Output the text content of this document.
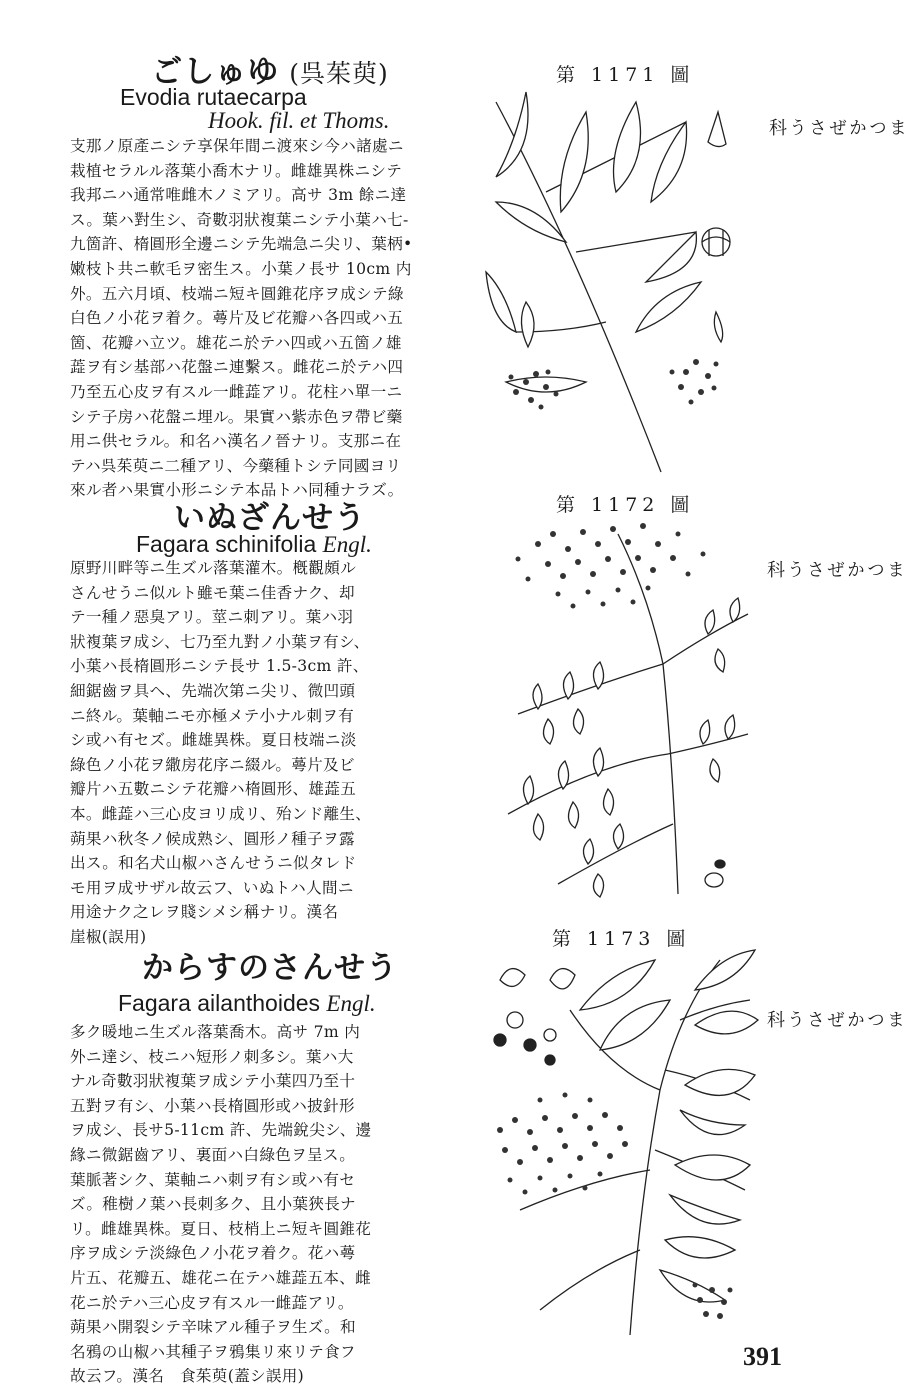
ごしゅゆ (呉茱萸)
Evodia rutaecarpa
Hook. fil. et Thoms.
支那ノ原產ニシテ享保年間ニ渡來シ今ハ諸處ニ
栽植セラルル落葉小喬木ナリ。雌雄異株ニシテ
我邦ニハ通常唯雌木ノミアリ。高サ 3m 餘ニ達
ス。葉ハ對生シ、奇數羽狀複葉ニシテ小葉ハ七-
九箇許、楕圓形全邊ニシテ先端急ニ尖リ、葉柄•
嫩枝ト共ニ軟毛ヲ密生ス。小葉ノ長サ 10cm 内
外。五六月頃、枝端ニ短キ圓錐花序ヲ成シテ綠
白色ノ小花ヲ着ク。蕚片及ビ花瓣ハ各四或ハ五
箇、花瓣ハ立ツ。雄花ニ於テハ四或ハ五箇ノ雄
蕋ヲ有シ基部ハ花盤ニ連繫ス。雌花ニ於テハ四
乃至五心皮ヲ有スル一雌蕋アリ。花柱ハ單一ニ
シテ子房ハ花盤ニ埋ル。果實ハ紫赤色ヲ帶ビ藥
用ニ供セラル。和名ハ漢名ノ晉ナリ。支那ニ在
テハ呉茱萸ニ二種アリ、今藥種トシテ同國ヨリ
來ル者ハ果實小形ニシテ本品トハ同種ナラズ。
第 1171 圖
まつかぜさう科
いぬざんせう
Fagara schinifolia Engl.
原野川畔等ニ生ズル落葉灌木。槪觀頗ル
さんせうニ似ルト雖モ葉ニ佳香ナク、却
テ一種ノ惡臭アリ。莖ニ刺アリ。葉ハ羽
狀複葉ヲ成シ、七乃至九對ノ小葉ヲ有シ、
小葉ハ長楕圓形ニシテ長サ 1.5-3cm 許、
細鋸齒ヲ具ヘ、先端次第ニ尖リ、微凹頭
ニ終ル。葉軸ニモ亦極メテ小ナル刺ヲ有
シ或ハ有セズ。雌雄異株。夏日枝端ニ淡
綠色ノ小花ヲ繖房花序ニ綴ル。蕚片及ビ
瓣片ハ五數ニシテ花瓣ハ楕圓形、雄蕋五
本。雌蕋ハ三心皮ヨリ成リ、殆ンド離生、
蒴果ハ秋冬ノ候成熟シ、圓形ノ種子ヲ露
出ス。和名犬山椒ハさんせうニ似タレド
モ用ヲ成サザル故云フ、いぬトハ人間ニ
用途ナク之レヲ賤シメシ稱ナリ。漢名
崖椒(誤用)
第 1172 圖
まつかぜさう科
からすのさんせう
Fagara ailanthoides Engl.
多ク暖地ニ生ズル落葉喬木。高サ 7m 内
外ニ達シ、枝ニハ短形ノ刺多シ。葉ハ大
ナル奇數羽狀複葉ヲ成シテ小葉四乃至十
五對ヲ有シ、小葉ハ長楕圓形或ハ披針形
ヲ成シ、長サ5-11cm 許、先端銳尖シ、邊
緣ニ微鋸齒アリ、裏面ハ白綠色ヲ呈ス。
葉脈著シク、葉軸ニハ刺ヲ有シ或ハ有セ
ズ。稚樹ノ葉ハ長刺多ク、且小葉狹長ナ
リ。雌雄異株。夏日、枝梢上ニ短キ圓錐花
序ヲ成シテ淡綠色ノ小花ヲ着ク。花ハ蕚
片五、花瓣五、雄花ニ在テハ雄蕋五本、雌
花ニ於テハ三心皮ヲ有スル一雌蕋アリ。
蒴果ハ開裂シテ辛味アル種子ヲ生ズ。和
名鴉の山椒ハ其種子ヲ鴉集リ來リテ食フ
故云フ。漢名　食茱萸(蓋シ誤用)
第 1173 圖
まつかぜさう科
391
